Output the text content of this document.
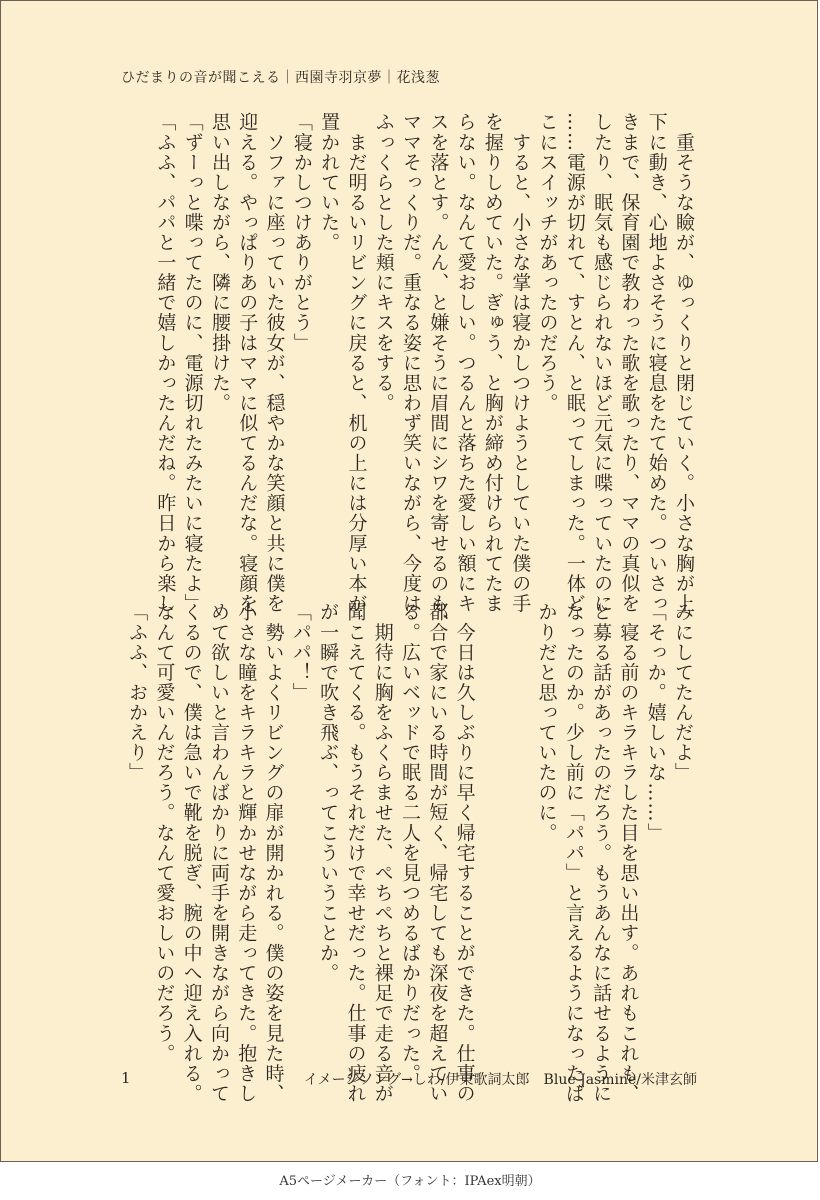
ひだまりの音が聞こえる｜西園寺羽京夢｜花浅葱

　重そうな瞼が、ゆっくりと閉じていく。小さな胸が上

下に動き、心地よさそうに寝息をたて始めた。ついさっ

きまで、保育園で教わった歌を歌ったり、ママの真似を

したり、眠気も感じられないほど元気に喋っていたのに

……電源が切れて、すとん、と眠ってしまった。一体ど

こにスイッチがあったのだろう。

　すると、小さな掌は寝かしつけようとしていた僕の手

を握りしめていた。ぎゅう、と胸が締め付けられてたま

らない。なんて愛おしい。つるんと落ちた愛しい額にキ

スを落とす。んん、と嫌そうに眉間にシワを寄せるのも、

ママそっくりだ。重なる姿に思わず笑いながら、今度は

ふっくらとした頬にキスをする。

　まだ明るいリビングに戻ると、机の上には分厚い本が

置かれていた。

「寝かしつけありがとう」

　ソファに座っていた彼女が、穏やかな笑顔と共に僕を

迎える。やっぱりあの子はママに似てるんだな。寝顔を

思い出しながら、隣に腰掛けた。

「ずーっと喋ってたのに、電源切れたみたいに寝たよ」

「ふふ、パパと一緒で嬉しかったんだね。昨日から楽し

みにしてたんだよ」

「そっか。嬉しいな……」

　寝る前のキラキラした目を思い出す。あれもこれも、

と募る話があったのだろう。もうあんなに話せるように

なったのか。少し前に「パパ」と言えるようになったば

かりだと思っていたのに。

　今日は久しぶりに早く帰宅することができた。仕事の

都合で家にいる時間が短く、帰宅しても深夜を超えてい

る。広いベッドで眠る二人を見つめるばかりだった。

　期待に胸をふくらませた、ぺちぺちと裸足で走る音が

聞こえてくる。もうそれだけで幸せだった。仕事の疲れ

が一瞬で吹き飛ぶ、ってこういうことか。

「パパ！」

　勢いよくリビングの扉が開かれる。僕の姿を見た時、

小さな瞳をキラキラと輝かせながら走ってきた。抱きし

めて欲しいと言わんばかりに両手を開きながら向かって

くるので、僕は急いで靴を脱ぎ、腕の中へ迎え入れる。

なんて可愛いんだろう。なんて愛おしいのだろう。

「ふふ、おかえり」

1	イメージソング→しわ/伊東歌詞太郎　Blue Jasmine/米津玄師
A5ページメーカー（フォント：IPAex明朝）
